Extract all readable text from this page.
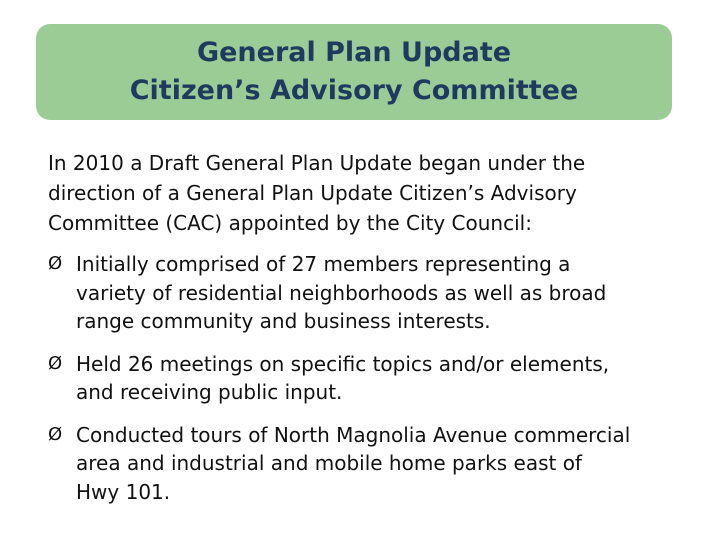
General Plan Update
Citizen’s Advisory Committee
In 2010 a Draft General Plan Update began under the
direction of a General Plan Update Citizen’s Advisory
Committee (CAC) appointed by the City Council:
Ø Initially comprised of 27 members representing a
variety of residential neighborhoods as well as broad
range community and business interests.
Ø Held 26 meetings on specific topics and/or elements,
and receiving public input.
Ø Conducted tours of North Magnolia Avenue commercial
area and industrial and mobile home parks east of
Hwy 101.
